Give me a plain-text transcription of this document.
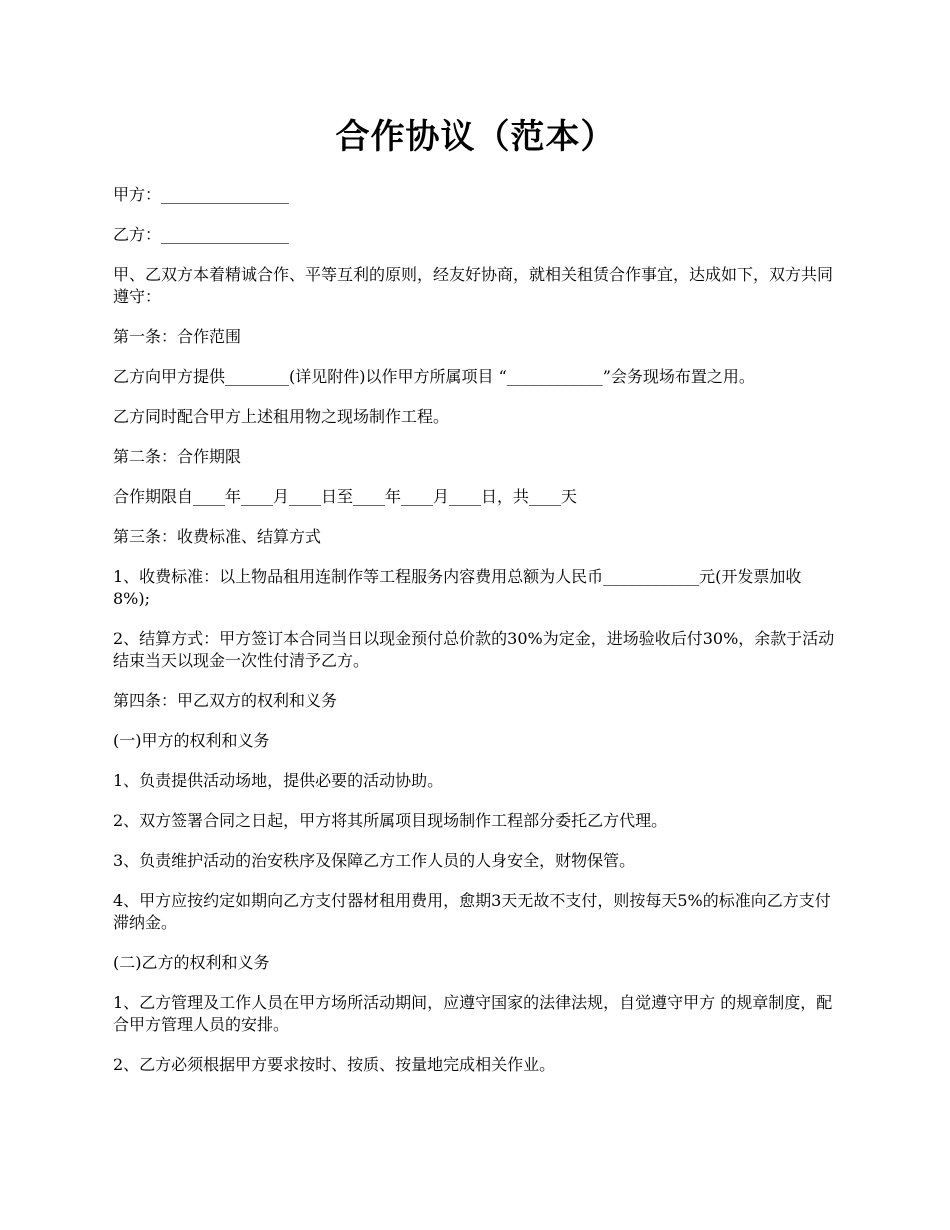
合作协议（范本）

甲方：________________

乙方：________________

甲、乙双方本着精诚合作、平等互利的原则，经友好协商，就相关租赁合作事宜，达成如下，双方共同遵守：

第一条：合作范围

乙方向甲方提供________(详见附件)以作甲方所属项目 “____________”会务现场布置之用。

乙方同时配合甲方上述租用物之现场制作工程。

第二条：合作期限

合作期限自____年____月____日至____年____月____日，共____天

第三条：收费标准、结算方式

1、收费标准：以上物品租用连制作等工程服务内容费用总额为人民币____________元(开发票加收8%);

2、结算方式：甲方签订本合同当日以现金预付总价款的30%为定金，进场验收后付30%，余款于活动结束当天以现金一次性付清予乙方。

第四条：甲乙双方的权利和义务

(一)甲方的权利和义务

1、负责提供活动场地，提供必要的活动协助。

2、双方签署合同之日起，甲方将其所属项目现场制作工程部分委托乙方代理。

3、负责维护活动的治安秩序及保障乙方工作人员的人身安全，财物保管。

4、甲方应按约定如期向乙方支付器材租用费用，愈期3天无故不支付，则按每天5%的标准向乙方支付滞纳金。

(二)乙方的权利和义务

1、乙方管理及工作人员在甲方场所活动期间，应遵守国家的法律法规，自觉遵守甲方 的规章制度，配合甲方管理人员的安排。

2、乙方必须根据甲方要求按时、按质、按量地完成相关作业。
